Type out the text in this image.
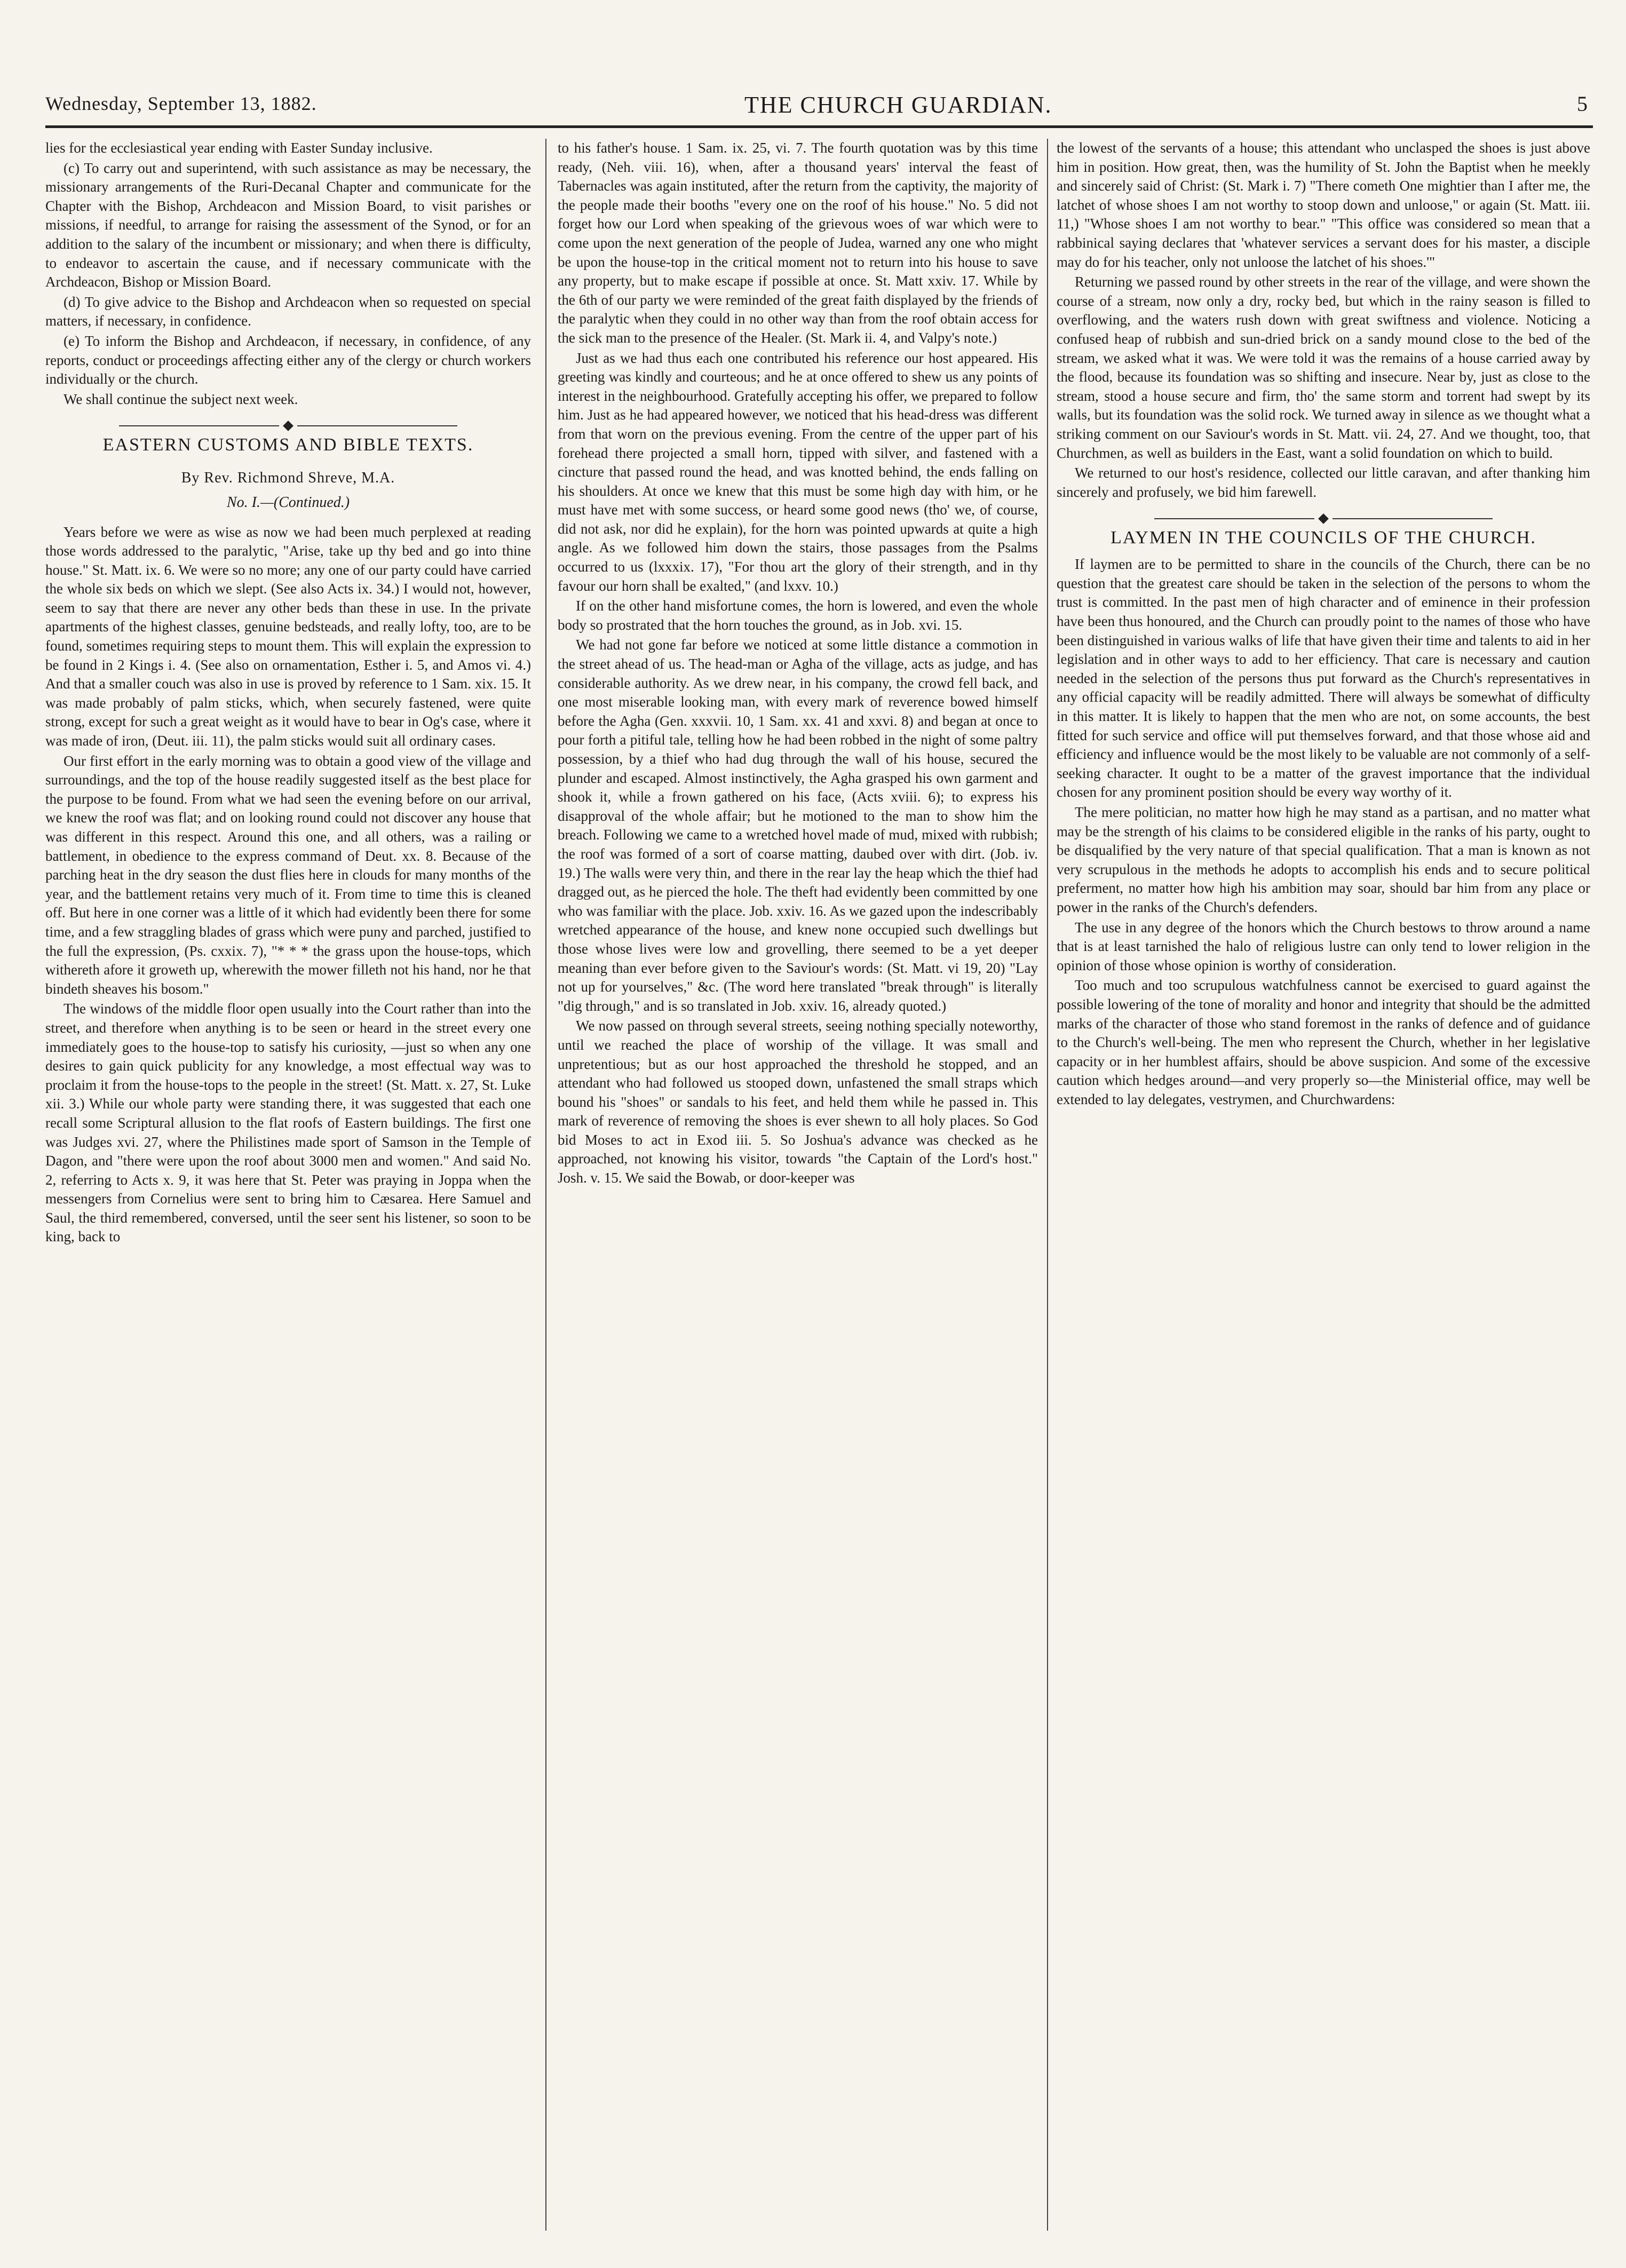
Wednesday, September 13, 1882.	THE CHURCH GUARDIAN.	5

lies for the ecclesiastical year ending with Easter Sunday inclusive.

(c) To carry out and superintend, with such assistance as may be necessary, the missionary arrangements of the Ruri-Decanal Chapter and communicate for the Chapter with the Bishop, Archdeacon and Mission Board, to visit parishes or missions, if needful, to arrange for raising the assessment of the Synod, or for an addition to the salary of the incumbent or missionary; and when there is difficulty, to endeavor to ascertain the cause, and if necessary communicate with the Archdeacon, Bishop or Mission Board.

(d) To give advice to the Bishop and Archdeacon when so requested on special matters, if necessary, in confidence.

(e) To inform the Bishop and Archdeacon, if necessary, in confidence, of any reports, conduct or proceedings affecting either any of the clergy or church workers individually or the church.

We shall continue the subject next week.

EASTERN CUSTOMS AND BIBLE TEXTS.
By Rev. Richmond Shreve, M.A.
No. I.—(Continued.)

Years before we were as wise as now we had been much perplexed at reading those words addressed to the paralytic, "Arise, take up thy bed and go into thine house." St. Matt. ix. 6. We were so no more; any one of our party could have carried the whole six beds on which we slept. (See also Acts ix. 34.) I would not, however, seem to say that there are never any other beds than these in use. In the private apartments of the highest classes, genuine bedsteads, and really lofty, too, are to be found, sometimes requiring steps to mount them. This will explain the expression to be found in 2 Kings i. 4. (See also on ornamentation, Esther i. 5, and Amos vi. 4.) And that a smaller couch was also in use is proved by reference to 1 Sam. xix. 15. It was made probably of palm sticks, which, when securely fastened, were quite strong, except for such a great weight as it would have to bear in Og's case, where it was made of iron, (Deut. iii. 11), the palm sticks would suit all ordinary cases.

Our first effort in the early morning was to obtain a good view of the village and surroundings, and the top of the house readily suggested itself as the best place for the purpose to be found. From what we had seen the evening before on our arrival, we knew the roof was flat; and on looking round could not discover any house that was different in this respect. Around this one, and all others, was a railing or battlement, in obedience to the express command of Deut. xx. 8. Because of the parching heat in the dry season the dust flies here in clouds for many months of the year, and the battlement retains very much of it. From time to time this is cleaned off. But here in one corner was a little of it which had evidently been there for some time, and a few straggling blades of grass which were puny and parched, justified to the full the expression, (Ps. cxxix. 7), "* * * the grass upon the house-tops, which withereth afore it groweth up, wherewith the mower filleth not his hand, nor he that bindeth sheaves his bosom."

The windows of the middle floor open usually into the Court rather than into the street, and therefore when anything is to be seen or heard in the street every one immediately goes to the house-top to satisfy his curiosity, —just so when any one desires to gain quick publicity for any knowledge, a most effectual way was to proclaim it from the house-tops to the people in the street! (St. Matt. x. 27, St. Luke xii. 3.) While our whole party were standing there, it was suggested that each one recall some Scriptural allusion to the flat roofs of Eastern buildings. The first one was Judges xvi. 27, where the Philistines made sport of Samson in the Temple of Dagon, and "there were upon the roof about 3000 men and women." And said No. 2, referring to Acts x. 9, it was here that St. Peter was praying in Joppa when the messengers from Cornelius were sent to bring him to Cæsarea. Here Samuel and Saul, the third remembered, conversed, until the seer sent his listener, so soon to be king, back to

to his father's house. 1 Sam. ix. 25, vi. 7. The fourth quotation was by this time ready, (Neh. viii. 16), when, after a thousand years' interval the feast of Tabernacles was again instituted, after the return from the captivity, the majority of the people made their booths "every one on the roof of his house." No. 5 did not forget how our Lord when speaking of the grievous woes of war which were to come upon the next generation of the people of Judea, warned any one who might be upon the house-top in the critical moment not to return into his house to save any property, but to make escape if possible at once. St. Matt xxiv. 17. While by the 6th of our party we were reminded of the great faith displayed by the friends of the paralytic when they could in no other way than from the roof obtain access for the sick man to the presence of the Healer. (St. Mark ii. 4, and Valpy's note.)

Just as we had thus each one contributed his reference our host appeared. His greeting was kindly and courteous; and he at once offered to shew us any points of interest in the neighbourhood. Gratefully accepting his offer, we prepared to follow him. Just as he had appeared however, we noticed that his head-dress was different from that worn on the previous evening. From the centre of the upper part of his forehead there projected a small horn, tipped with silver, and fastened with a cincture that passed round the head, and was knotted behind, the ends falling on his shoulders. At once we knew that this must be some high day with him, or he must have met with some success, or heard some good news (tho' we, of course, did not ask, nor did he explain), for the horn was pointed upwards at quite a high angle. As we followed him down the stairs, those passages from the Psalms occurred to us (lxxxix. 17), "For thou art the glory of their strength, and in thy favour our horn shall be exalted," (and lxxv. 10.)

If on the other hand misfortune comes, the horn is lowered, and even the whole body so prostrated that the horn touches the ground, as in Job. xvi. 15.

We had not gone far before we noticed at some little distance a commotion in the street ahead of us. The head-man or Agha of the village, acts as judge, and has considerable authority. As we drew near, in his company, the crowd fell back, and one most miserable looking man, with every mark of reverence bowed himself before the Agha (Gen. xxxvii. 10, 1 Sam. xx. 41 and xxvi. 8) and began at once to pour forth a pitiful tale, telling how he had been robbed in the night of some paltry possession, by a thief who had dug through the wall of his house, secured the plunder and escaped. Almost instinctively, the Agha grasped his own garment and shook it, while a frown gathered on his face, (Acts xviii. 6); to express his disapproval of the whole affair; but he motioned to the man to show him the breach. Following we came to a wretched hovel made of mud, mixed with rubbish; the roof was formed of a sort of coarse matting, daubed over with dirt. (Job. iv. 19.) The walls were very thin, and there in the rear lay the heap which the thief had dragged out, as he pierced the hole. The theft had evidently been committed by one who was familiar with the place. Job. xxiv. 16. As we gazed upon the indescribably wretched appearance of the house, and knew none occupied such dwellings but those whose lives were low and grovelling, there seemed to be a yet deeper meaning than ever before given to the Saviour's words: (St. Matt. vi 19, 20) "Lay not up for yourselves," &c. (The word here translated "break through" is literally "dig through," and is so translated in Job. xxiv. 16, already quoted.)

We now passed on through several streets, seeing nothing specially noteworthy, until we reached the place of worship of the village. It was small and unpretentious; but as our host approached the threshold he stopped, and an attendant who had followed us stooped down, unfastened the small straps which bound his "shoes" or sandals to his feet, and held them while he passed in. This mark of reverence of removing the shoes is ever shewn to all holy places. So God bid Moses to act in Exod iii. 5. So Joshua's advance was checked as he approached, not knowing his visitor, towards "the Captain of the Lord's host." Josh. v. 15. We said the Bowab, or door-keeper was

the lowest of the servants of a house; this attendant who unclasped the shoes is just above him in position. How great, then, was the humility of St. John the Baptist when he meekly and sincerely said of Christ: (St. Mark i. 7) "There cometh One mightier than I after me, the latchet of whose shoes I am not worthy to stoop down and unloose," or again (St. Matt. iii. 11,) "Whose shoes I am not worthy to bear." "This office was considered so mean that a rabbinical saying declares that 'whatever services a servant does for his master, a disciple may do for his teacher, only not unloose the latchet of his shoes.'"

Returning we passed round by other streets in the rear of the village, and were shown the course of a stream, now only a dry, rocky bed, but which in the rainy season is filled to overflowing, and the waters rush down with great swiftness and violence. Noticing a confused heap of rubbish and sun-dried brick on a sandy mound close to the bed of the stream, we asked what it was. We were told it was the remains of a house carried away by the flood, because its foundation was so shifting and insecure. Near by, just as close to the stream, stood a house secure and firm, tho' the same storm and torrent had swept by its walls, but its foundation was the solid rock. We turned away in silence as we thought what a striking comment on our Saviour's words in St. Matt. vii. 24, 27. And we thought, too, that Churchmen, as well as builders in the East, want a solid foundation on which to build.

We returned to our host's residence, collected our little caravan, and after thanking him sincerely and profusely, we bid him farewell.

LAYMEN IN THE COUNCILS OF THE CHURCH.

If laymen are to be permitted to share in the councils of the Church, there can be no question that the greatest care should be taken in the selection of the persons to whom the trust is committed. In the past men of high character and of eminence in their profession have been thus honoured, and the Church can proudly point to the names of those who have been distinguished in various walks of life that have given their time and talents to aid in her legislation and in other ways to add to her efficiency. That care is necessary and caution needed in the selection of the persons thus put forward as the Church's representatives in any official capacity will be readily admitted. There will always be somewhat of difficulty in this matter. It is likely to happen that the men who are not, on some accounts, the best fitted for such service and office will put themselves forward, and that those whose aid and efficiency and influence would be the most likely to be valuable are not commonly of a self-seeking character. It ought to be a matter of the gravest importance that the individual chosen for any prominent position should be every way worthy of it.

The mere politician, no matter how high he may stand as a partisan, and no matter what may be the strength of his claims to be considered eligible in the ranks of his party, ought to be disqualified by the very nature of that special qualification. That a man is known as not very scrupulous in the methods he adopts to accomplish his ends and to secure political preferment, no matter how high his ambition may soar, should bar him from any place or power in the ranks of the Church's defenders.

The use in any degree of the honors which the Church bestows to throw around a name that is at least tarnished the halo of religious lustre can only tend to lower religion in the opinion of those whose opinion is worthy of consideration.

Too much and too scrupulous watchfulness cannot be exercised to guard against the possible lowering of the tone of morality and honor and integrity that should be the admitted marks of the character of those who stand foremost in the ranks of defence and of guidance to the Church's well-being. The men who represent the Church, whether in her legislative capacity or in her humblest affairs, should be above suspicion. And some of the excessive caution which hedges around—and very properly so—the Ministerial office, may well be extended to lay delegates, vestrymen, and Churchwardens:
